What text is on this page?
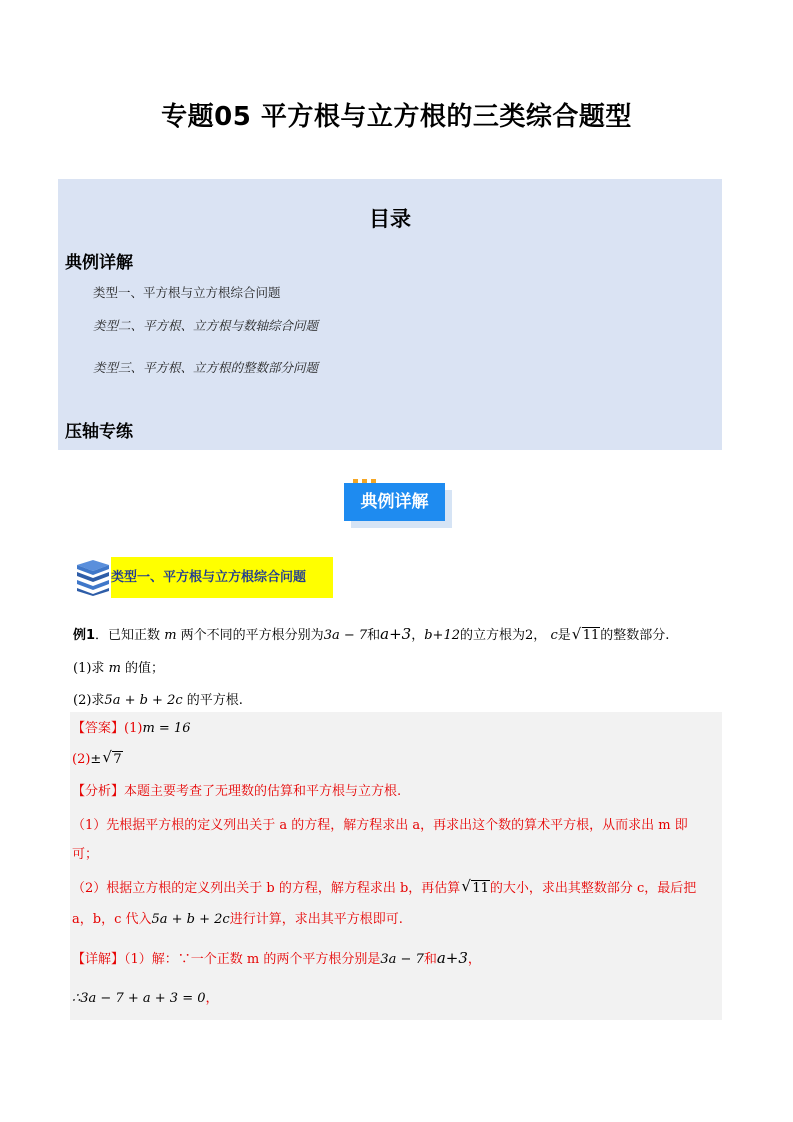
专题05 平方根与立方根的三类综合题型
目录
典例详解
类型一、平方根与立方根综合问题
类型二、平方根、立方根与数轴综合问题
类型三、平方根、立方根的整数部分问题
压轴专练
典例详解
类型一、平方根与立方根综合问题
例1．已知正数 m 两个不同的平方根分别为3a − 7和a+3，b+12的立方根为2， c是 √ 11的整数部分.
(1)求 m 的值；
(2)求5a + b + 2c 的平方根.
【答案】(1)m = 16
(2)± √ 7
【分析】本题主要考查了无理数的估算和平方根与立方根.
（1）先根据平方根的定义列出关于 a 的方程，解方程求出 a，再求出这个数的算术平方根，从而求出 m 即
可；
（2）根据立方根的定义列出关于 b 的方程，解方程求出 b，再估算 √ 11的大小，求出其整数部分 c，最后把
a，b，c 代入5a + b + 2c进行计算，求出其平方根即可.
【详解】（1）解：∵一个正数 m 的两个平方根分别是3a − 7和a+3，
∴3a − 7 + a + 3 = 0，
